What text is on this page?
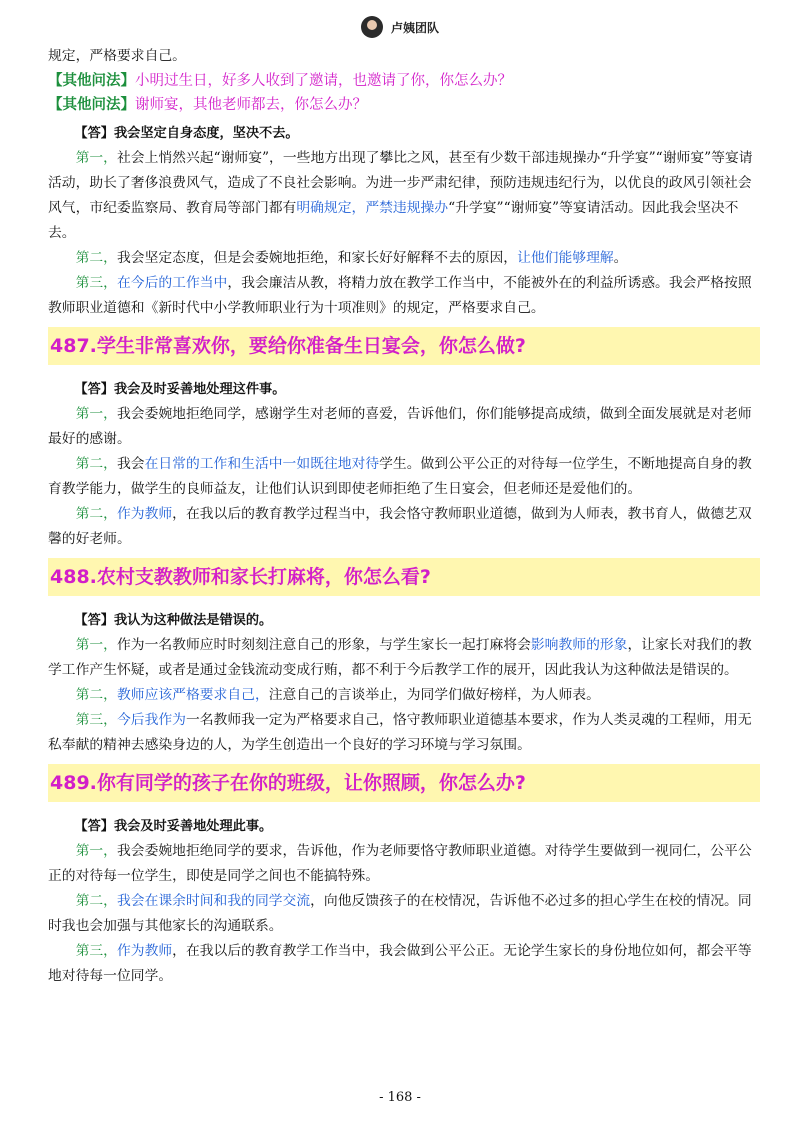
卢姨团队

规定，严格要求自己。

【其他问法】小明过生日，好多人收到了邀请，也邀请了你，你怎么办？

【其他问法】谢师宴，其他老师都去，你怎么办？

【答】我会坚定自身态度，坚决不去。

第一，社会上悄然兴起“谢师宴”，一些地方出现了攀比之风，甚至有少数干部违规操办“升学宴”“谢师宴”等宴请活动，助长了奢侈浪费风气，造成了不良社会影响。为进一步严肃纪律，预防违规违纪行为，以优良的政风引领社会风气，市纪委监察局、教育局等部门都有明确规定，严禁违规操办“升学宴”“谢师宴”等宴请活动。因此我会坚决不去。

第二，我会坚定态度，但是会委婉地拒绝，和家长好好解释不去的原因，让他们能够理解。

第三，在今后的工作当中，我会廉洁从教，将精力放在教学工作当中，不能被外在的利益所诱惑。我会严格按照教师职业道德和《新时代中小学教师职业行为十项准则》的规定，严格要求自己。

487.学生非常喜欢你，要给你准备生日宴会，你怎么做?

【答】我会及时妥善地处理这件事。

第一，我会委婉地拒绝同学，感谢学生对老师的喜爱，告诉他们，你们能够提高成绩，做到全面发展就是对老师最好的感谢。

第二，我会在日常的工作和生活中一如既往地对待学生。做到公平公正的对待每一位学生，不断地提高自身的教育教学能力，做学生的良师益友，让他们认识到即使老师拒绝了生日宴会，但老师还是爱他们的。

第二，作为教师，在我以后的教育教学过程当中，我会恪守教师职业道德，做到为人师表，教书育人，做德艺双馨的好老师。

488.农村支教教师和家长打麻将，你怎么看?

【答】我认为这种做法是错误的。

第一，作为一名教师应时时刻刻注意自己的形象，与学生家长一起打麻将会影响教师的形象，让家长对我们的教学工作产生怀疑，或者是通过金钱流动变成行贿，都不利于今后教学工作的展开，因此我认为这种做法是错误的。

第二，教师应该严格要求自己，注意自己的言谈举止，为同学们做好榜样，为人师表。

第三，今后我作为一名教师我一定为严格要求自己，恪守教师职业道德基本要求，作为人类灵魂的工程师，用无私奉献的精神去感染身边的人，为学生创造出一个良好的学习环境与学习氛围。

489.你有同学的孩子在你的班级，让你照顾，你怎么办?

【答】我会及时妥善地处理此事。

第一，我会委婉地拒绝同学的要求，告诉他，作为老师要恪守教师职业道德。对待学生要做到一视同仁，公平公正的对待每一位学生，即使是同学之间也不能搞特殊。

第二，我会在课余时间和我的同学交流，向他反馈孩子的在校情况，告诉他不必过多的担心学生在校的情况。同时我也会加强与其他家长的沟通联系。

第三，作为教师，在我以后的教育教学工作当中，我会做到公平公正。无论学生家长的身份地位如何，都会平等地对待每一位同学。

- 168 -
